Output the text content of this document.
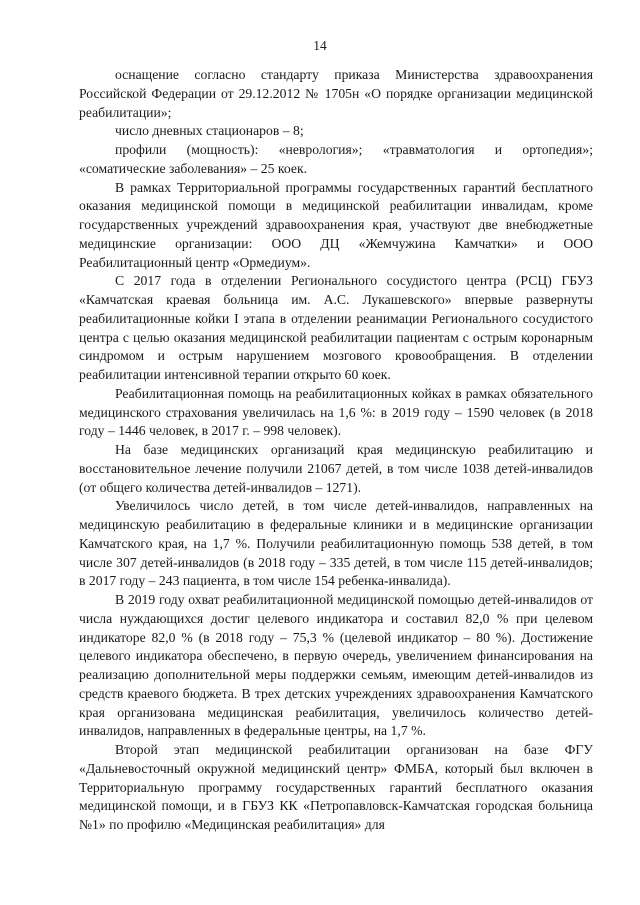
14

оснащение согласно стандарту приказа Министерства здравоохранения Российской Федерации от 29.12.2012 № 1705н «О порядке организации медицинской реабилитации»;

число дневных стационаров – 8;

профили (мощность): «неврология»; «травматология и ортопедия»; «соматические заболевания» – 25 коек.

В рамках Территориальной программы государственных гарантий бесплатного оказания медицинской помощи в медицинской реабилитации инвалидам, кроме государственных учреждений здравоохранения края, участвуют две внебюджетные медицинские организации: ООО ДЦ «Жемчужина Камчатки» и ООО Реабилитационный центр «Ормедиум».

С 2017 года в отделении Регионального сосудистого центра (РСЦ) ГБУЗ «Камчатская краевая больница им. А.С. Лукашевского» впервые развернуты реабилитационные койки I этапа в отделении реанимации Регионального сосудистого центра с целью оказания медицинской реабилитации пациентам с острым коронарным синдромом и острым нарушением мозгового кровообращения. В отделении реабилитации интенсивной терапии открыто 60 коек.

Реабилитационная помощь на реабилитационных койках в рамках обязательного медицинского страхования увеличилась на 1,6 %: в 2019 году – 1590 человек (в 2018 году – 1446 человек, в 2017 г. – 998 человек).

На базе медицинских организаций края медицинскую реабилитацию и восстановительное лечение получили 21067 детей, в том числе 1038 детей-инвалидов (от общего количества детей-инвалидов – 1271).

Увеличилось число детей, в том числе детей-инвалидов, направленных на медицинскую реабилитацию в федеральные клиники и в медицинские организации Камчатского края, на 1,7 %. Получили реабилитационную помощь 538 детей, в том числе 307 детей-инвалидов (в 2018 году – 335 детей, в том числе 115 детей-инвалидов; в 2017 году – 243 пациента, в том числе 154 ребенка-инвалида).

В 2019 году охват реабилитационной медицинской помощью детей-инвалидов от числа нуждающихся достиг целевого индикатора и составил 82,0 % при целевом индикаторе 82,0 % (в 2018 году – 75,3 % (целевой индикатор – 80 %). Достижение целевого индикатора обеспечено, в первую очередь, увеличением финансирования на реализацию дополнительной меры поддержки семьям, имеющим детей-инвалидов из средств краевого бюджета. В трех детских учреждениях здравоохранения Камчатского края организована медицинская реабилитация, увеличилось количество детей-инвалидов, направленных в федеральные центры, на 1,7 %.

Второй этап медицинской реабилитации организован на базе ФГУ «Дальневосточный окружной медицинский центр» ФМБА, который был включен в Территориальную программу государственных гарантий бесплатного оказания медицинской помощи, и в ГБУЗ КК «Петропавловск-Камчатская городская больница №1» по профилю «Медицинская реабилитация» для
